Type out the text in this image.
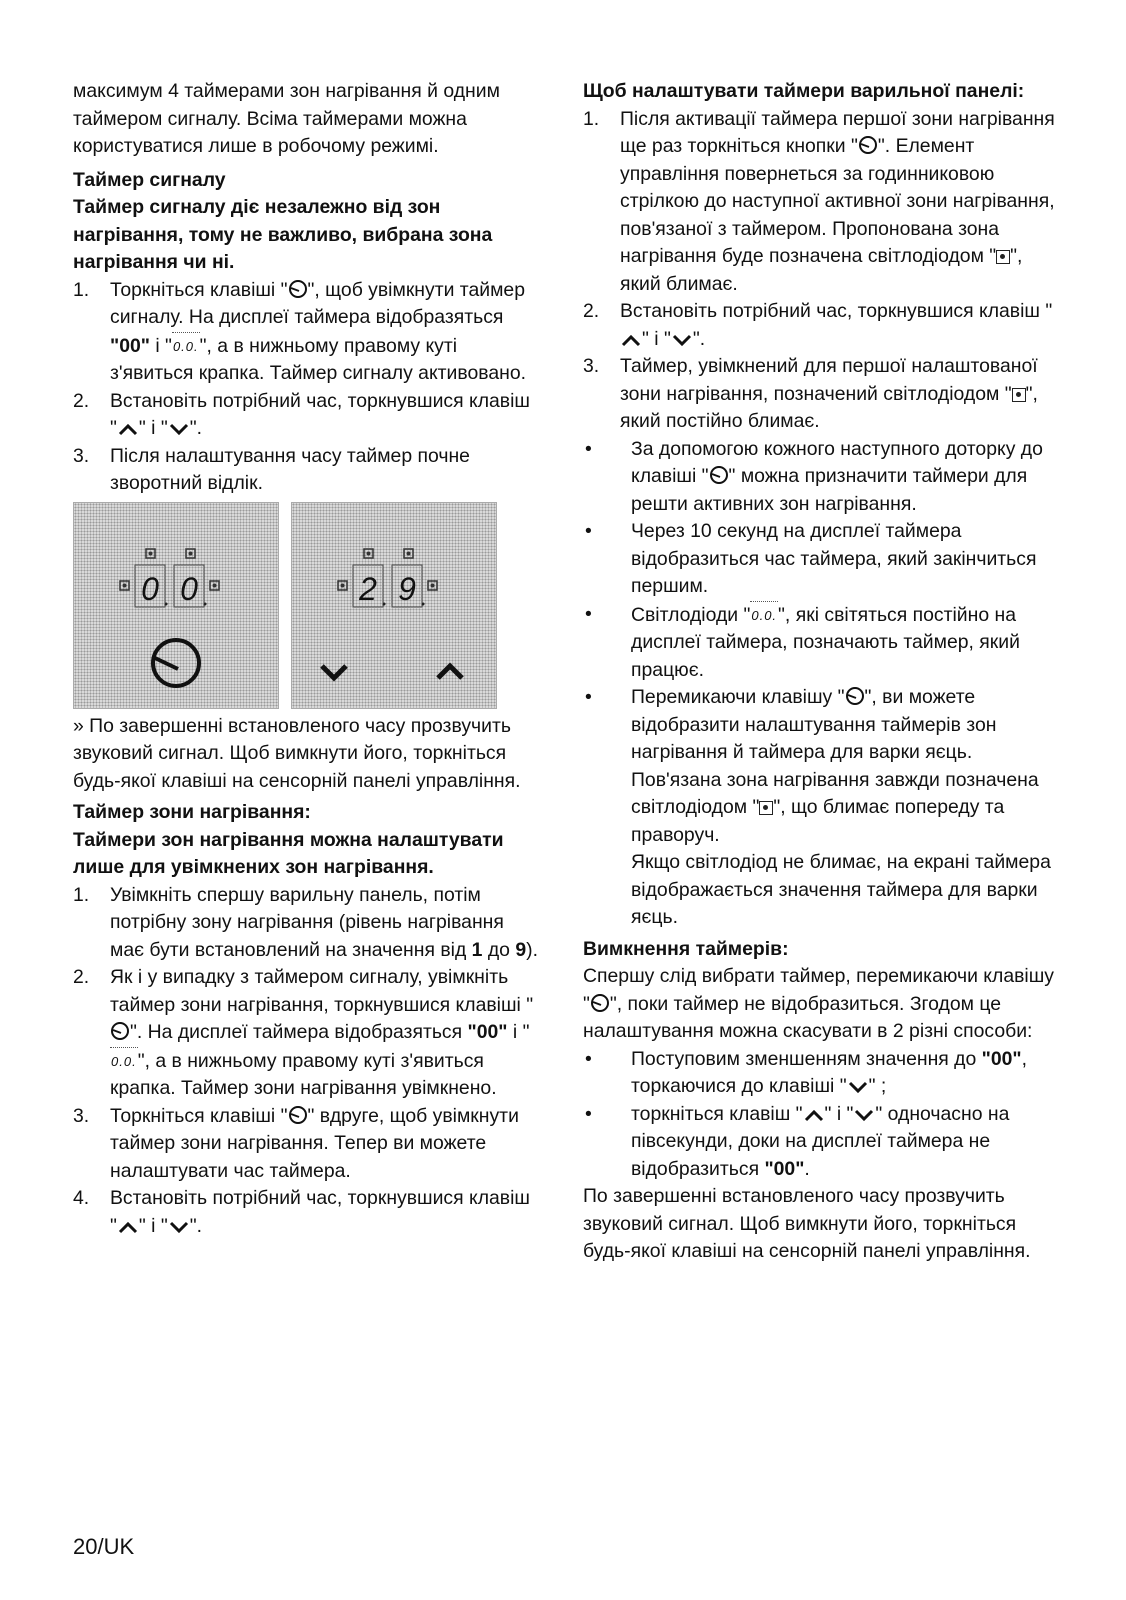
максимум 4 таймерами зон нагрівання й одним таймером сигналу. Всіма таймерами можна користуватися лише в робочому режимі.

Таймер сигналу

Таймер сигналу діє незалежно від зон нагрівання, тому не важливо, вибрана зона нагрівання чи ні.

1. Торкніться клавіші " ", щоб увімкнути таймер сигналу. На дисплеї таймера відобразяться "00" і "0.0.", а в нижньому правому куті з'явиться крапка. Таймер сигналу активовано.
2. Встановіть потрібний час, торкнувшися клавіш " " і " ".
3. Після налаштування часу таймер почне зворотний відлік.
0 0	2 9

» По завершенні встановленого часу прозвучить звуковий сигнал. Щоб вимкнути його, торкніться будь-якої клавіші на сенсорній панелі управління.

Таймер зони нагрівання:

Таймери зон нагрівання можна налаштувати лише для увімкнених зон нагрівання.

1. Увімкніть спершу варильну панель, потім потрібну зону нагрівання (рівень нагрівання має бути встановлений на значення від 1 до 9).
2. Як і у випадку з таймером сигналу, увімкніть таймер зони нагрівання, торкнувшися клавіші "". На дисплеї таймера відобразяться "00" і "0.0.", а в нижньому правому куті з'явиться крапка. Таймер зони нагрівання увімкнено.
3. Торкніться клавіші " " вдруге, щоб увімкнути таймер зони нагрівання. Тепер ви можете налаштувати час таймера.
4. Встановіть потрібний час, торкнувшися клавіш " " і " ".

Щоб налаштувати таймери варильної панелі:

1. Після активації таймера першої зони нагрівання ще раз торкніться кнопки " ". Елемент управління повернеться за годинниковою стрілкою до наступної активної зони нагрівання, пов'язаної з таймером. Пропонована зона нагрівання буде позначена світлодіодом " ", який блимає.
2. Встановіть потрібний час, торкнувшися клавіш "" і " ".
3. Таймер, увімкнений для першої налаштованої зони нагрівання, позначений світлодіодом " ", який постійно блимає.
• За допомогою кожного наступного доторку до клавіші " " можна призначити таймери для решти активних зон нагрівання.
• Через 10 секунд на дисплеї таймера відобразиться час таймера, який закінчиться першим.
• Світлодіоди "0.0.", які світяться постійно на дисплеї таймера, позначають таймер, який працює.
• Перемикаючи клавішу " ", ви можете відобразити налаштування таймерів зон нагрівання й таймера для варки яєць. Пов'язана зона нагрівання завжди позначена світлодіодом " ", що блимає попереду та праворуч.

Якщо світлодіод не блимає, на екрані таймера відображається значення таймера для варки яєць.

Вимкнення таймерів:

Спершу слід вибрати таймер, перемикаючи клавішу " ", поки таймер не відобразиться. Згодом це налаштування можна скасувати в 2 різні способи:

• Поступовим зменшенням значення до "00", торкаючися до клавіші " " ;
• торкніться клавіш " " і " " одночасно на півсекунди, доки на дисплеї таймера не відобразиться "00".

По завершенні встановленого часу прозвучить звуковий сигнал. Щоб вимкнути його, торкніться будь-якої клавіші на сенсорній панелі управління.

20/UK
